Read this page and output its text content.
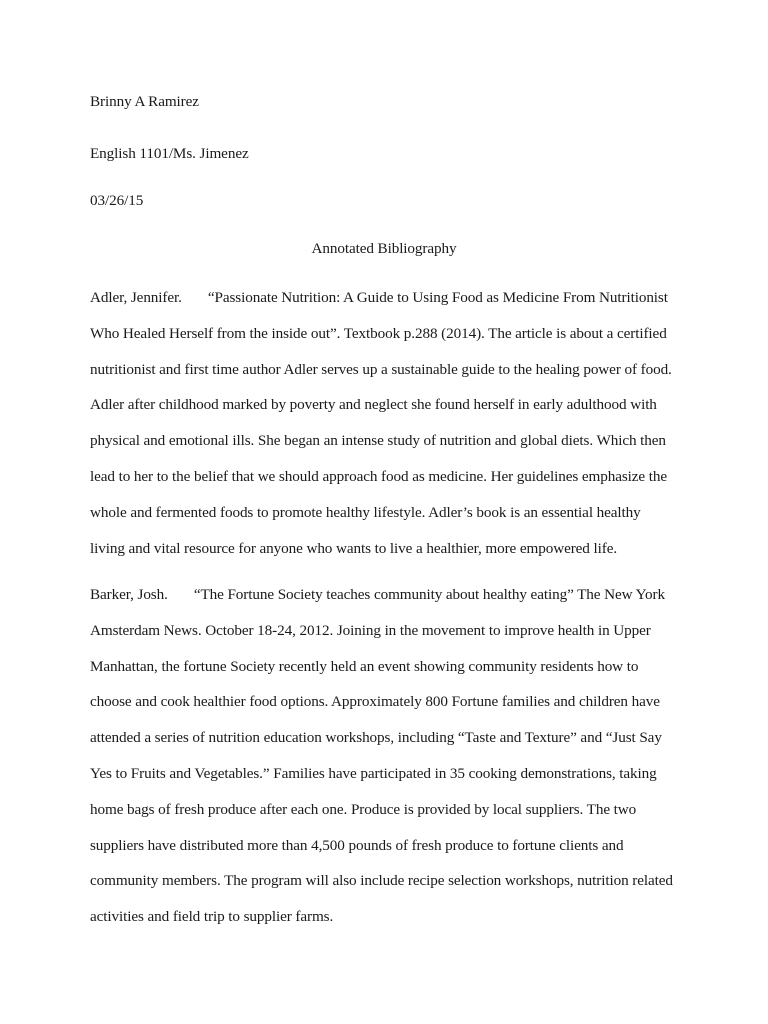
Brinny A Ramirez
English 1101/Ms. Jimenez
03/26/15
Annotated Bibliography
Adler, Jennifer. “Passionate Nutrition: A Guide to Using Food as Medicine From Nutritionist
Who Healed Herself from the inside out”. Textbook p.288 (2014). The article is about a certified
nutritionist and first time author Adler serves up a sustainable guide to the healing power of food.
Adler after childhood marked by poverty and neglect she found herself in early adulthood with
physical and emotional ills. She began an intense study of nutrition and global diets. Which then
lead to her to the belief that we should approach food as medicine. Her guidelines emphasize the
whole and fermented foods to promote healthy lifestyle. Adler’s book is an essential healthy
living and vital resource for anyone who wants to live a healthier, more empowered life.
Barker, Josh. “The Fortune Society teaches community about healthy eating” The New York
Amsterdam News. October 18-24, 2012. Joining in the movement to improve health in Upper
Manhattan, the fortune Society recently held an event showing community residents how to
choose and cook healthier food options. Approximately 800 Fortune families and children have
attended a series of nutrition education workshops, including “Taste and Texture” and “Just Say
Yes to Fruits and Vegetables.” Families have participated in 35 cooking demonstrations, taking
home bags of fresh produce after each one. Produce is provided by local suppliers. The two
suppliers have distributed more than 4,500 pounds of fresh produce to fortune clients and
community members. The program will also include recipe selection workshops, nutrition related
activities and field trip to supplier farms.
